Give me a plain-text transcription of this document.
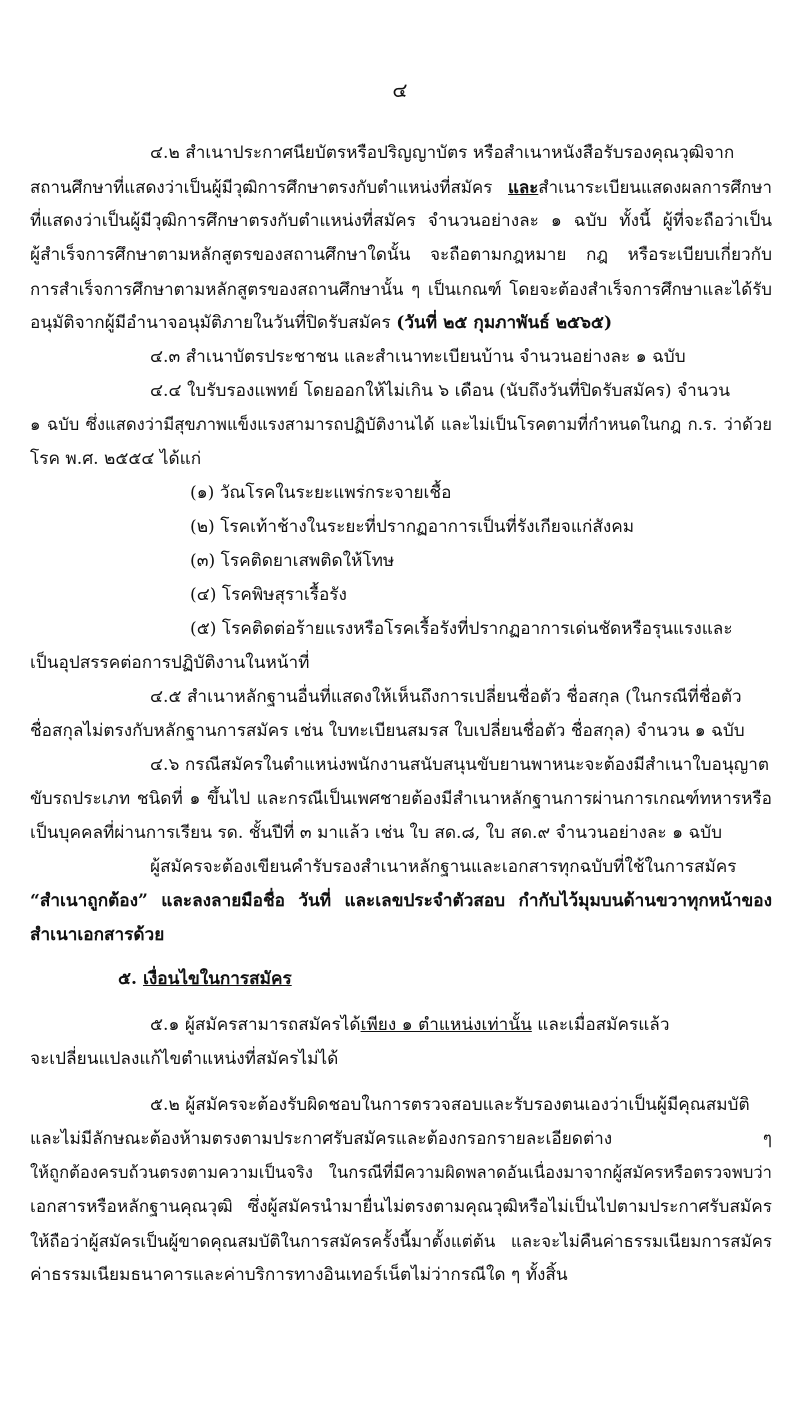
๔
๔.๒ สำเนาประกาศนียบัตรหรือปริญญาบัตร หรือสำเนาหนังสือรับรองคุณวุฒิจาก
สถานศึกษาที่แสดงว่าเป็นผู้มีวุฒิการศึกษาตรงกับตำแหน่งที่สมัคร และสำเนาระเบียนแสดงผลการศึกษา
ที่แสดงว่าเป็นผู้มีวุฒิการศึกษาตรงกับตำแหน่งที่สมัคร จำนวนอย่างละ ๑ ฉบับ ทั้งนี้ ผู้ที่จะถือว่าเป็น
ผู้สำเร็จการศึกษาตามหลักสูตรของสถานศึกษาใดนั้น จะถือตามกฎหมาย กฎ หรือระเบียบเกี่ยวกับ
การสำเร็จการศึกษาตามหลักสูตรของสถานศึกษานั้น ๆ เป็นเกณฑ์ โดยจะต้องสำเร็จการศึกษาและได้รับ
อนุมัติจากผู้มีอำนาจอนุมัติภายในวันที่ปิดรับสมัคร (วันที่ ๒๕ กุมภาพันธ์ ๒๕๖๕)
๔.๓ สำเนาบัตรประชาชน และสำเนาทะเบียนบ้าน จำนวนอย่างละ ๑ ฉบับ
๔.๔ ใบรับรองแพทย์ โดยออกให้ไม่เกิน ๖ เดือน (นับถึงวันที่ปิดรับสมัคร) จำนวน
๑ ฉบับ ซึ่งแสดงว่ามีสุขภาพแข็งแรงสามารถปฏิบัติงานได้ และไม่เป็นโรคตามที่กำหนดในกฎ ก.ร. ว่าด้วย
โรค พ.ศ. ๒๕๕๔ ได้แก่
(๑) วัณโรคในระยะแพร่กระจายเชื้อ
(๒) โรคเท้าช้างในระยะที่ปรากฏอาการเป็นที่รังเกียจแก่สังคม
(๓) โรคติดยาเสพติดให้โทษ
(๔) โรคพิษสุราเรื้อรัง
(๕) โรคติดต่อร้ายแรงหรือโรคเรื้อรังที่ปรากฏอาการเด่นชัดหรือรุนแรงและ
เป็นอุปสรรคต่อการปฏิบัติงานในหน้าที่
๔.๕ สำเนาหลักฐานอื่นที่แสดงให้เห็นถึงการเปลี่ยนชื่อตัว ชื่อสกุล (ในกรณีที่ชื่อตัว
ชื่อสกุลไม่ตรงกับหลักฐานการสมัคร เช่น ใบทะเบียนสมรส ใบเปลี่ยนชื่อตัว ชื่อสกุล) จำนวน ๑ ฉบับ
๔.๖ กรณีสมัครในตำแหน่งพนักงานสนับสนุนขับยานพาหนะจะต้องมีสำเนาใบอนุญาต
ขับรถประเภท ชนิดที่ ๑ ขึ้นไป และกรณีเป็นเพศชายต้องมีสำเนาหลักฐานการผ่านการเกณฑ์ทหารหรือ
เป็นบุคคลที่ผ่านการเรียน รด. ชั้นปีที่ ๓ มาแล้ว เช่น ใบ สด.๘, ใบ สด.๙ จำนวนอย่างละ ๑ ฉบับ
ผู้สมัครจะต้องเขียนคำรับรองสำเนาหลักฐานและเอกสารทุกฉบับที่ใช้ในการสมัคร
“สำเนาถูกต้อง” และลงลายมือชื่อ วันที่ และเลขประจำตัวสอบ กำกับไว้มุมบนด้านขวาทุกหน้าของ
สำเนาเอกสารด้วย
๕. เงื่อนไขในการสมัคร
๕.๑ ผู้สมัครสามารถสมัครได้เพียง ๑ ตำแหน่งเท่านั้น และเมื่อสมัครแล้ว
จะเปลี่ยนแปลงแก้ไขตำแหน่งที่สมัครไม่ได้
๕.๒ ผู้สมัครจะต้องรับผิดชอบในการตรวจสอบและรับรองตนเองว่าเป็นผู้มีคุณสมบัติ
และไม่มีลักษณะต้องห้ามตรงตามประกาศรับสมัครและต้องกรอกรายละเอียดต่าง ๆ
ให้ถูกต้องครบถ้วนตรงตามความเป็นจริง ในกรณีที่มีความผิดพลาดอันเนื่องมาจากผู้สมัครหรือตรวจพบว่า
เอกสารหรือหลักฐานคุณวุฒิ ซึ่งผู้สมัครนำมายื่นไม่ตรงตามคุณวุฒิหรือไม่เป็นไปตามประกาศรับสมัคร
ให้ถือว่าผู้สมัครเป็นผู้ขาดคุณสมบัติในการสมัครครั้งนี้มาตั้งแต่ต้น และจะไม่คืนค่าธรรมเนียมการสมัคร
ค่าธรรมเนียมธนาคารและค่าบริการทางอินเทอร์เน็ตไม่ว่ากรณีใด ๆ ทั้งสิ้น
